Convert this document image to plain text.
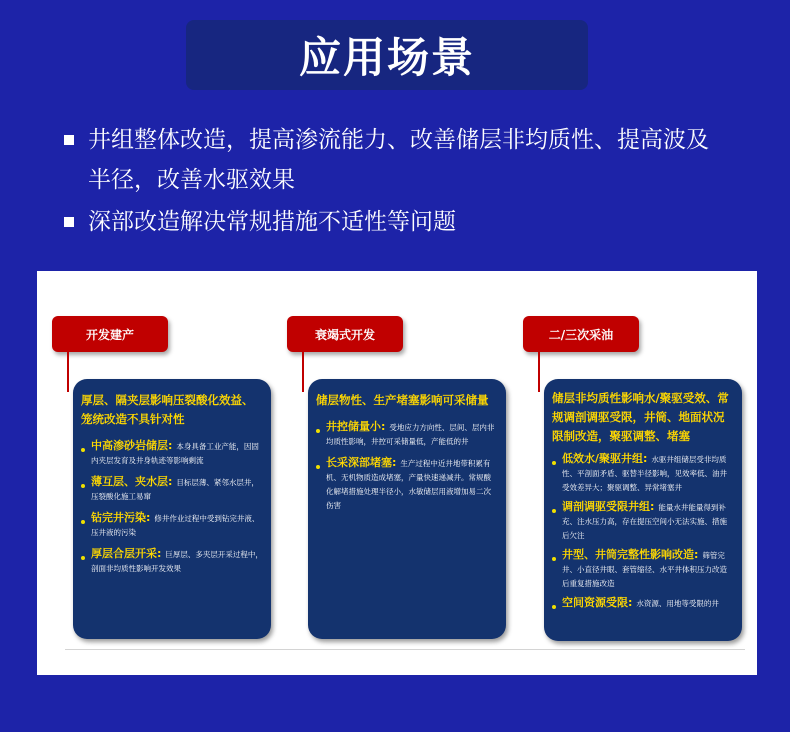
应用场景
井组整体改造，提高渗流能力、改善储层非均质性、提高波及半径，改善水驱效果
深部改造解决常规措施不适性等问题
开发建产
厚层、隔夹层影响压裂酸化效益、笼统改造不具针对性
中高渗砂岩储层: 本身具备工业产能，因固内夹层发育及井身轨迹等影响剩流
薄互层、夹水层: 目标层薄、紧邻水层井，压裂酸化施工易窜
钻完井污染: 修井作业过程中受到钻完井液、压井液的污染
厚层合层开采: 巨厚层、多夹层开采过程中，剖面非均质性影响开发效果
衰竭式开发
储层物性、生产堵塞影响可采储量
井控储量小: 受地应力方向性、层间、层内非均质性影响，井控可采储量低，产能低的井
长采深部堵塞: 生产过程中近井地带积累有机、无机物质造成堵塞，产量快速递减井。常规酸化解堵措施处理半径小，水敏储层用液增加易二次伤害
二/三次采油
储层非均质性影响水/聚驱受效、常规调剖调驱受限，井筒、地面状况限制改造，聚驱调整、堵塞
低效水/聚驱井组: 水驱井组储层受非均质性、平剖面矛盾、驱替半径影响，见效率低、油井受效差异大；聚驱调整、异常堵塞井
调剖调驱受限井组: 能量水井能量得到补充、注水压力高，存在提压空间小无法实施、措施后欠注
井型、井筒完整性影响改造: 筛管完井、小直径井眼、套管缩径、水平井体积压力改造后重复措施改造
空间资源受限: 水资源、用地等受限的井
